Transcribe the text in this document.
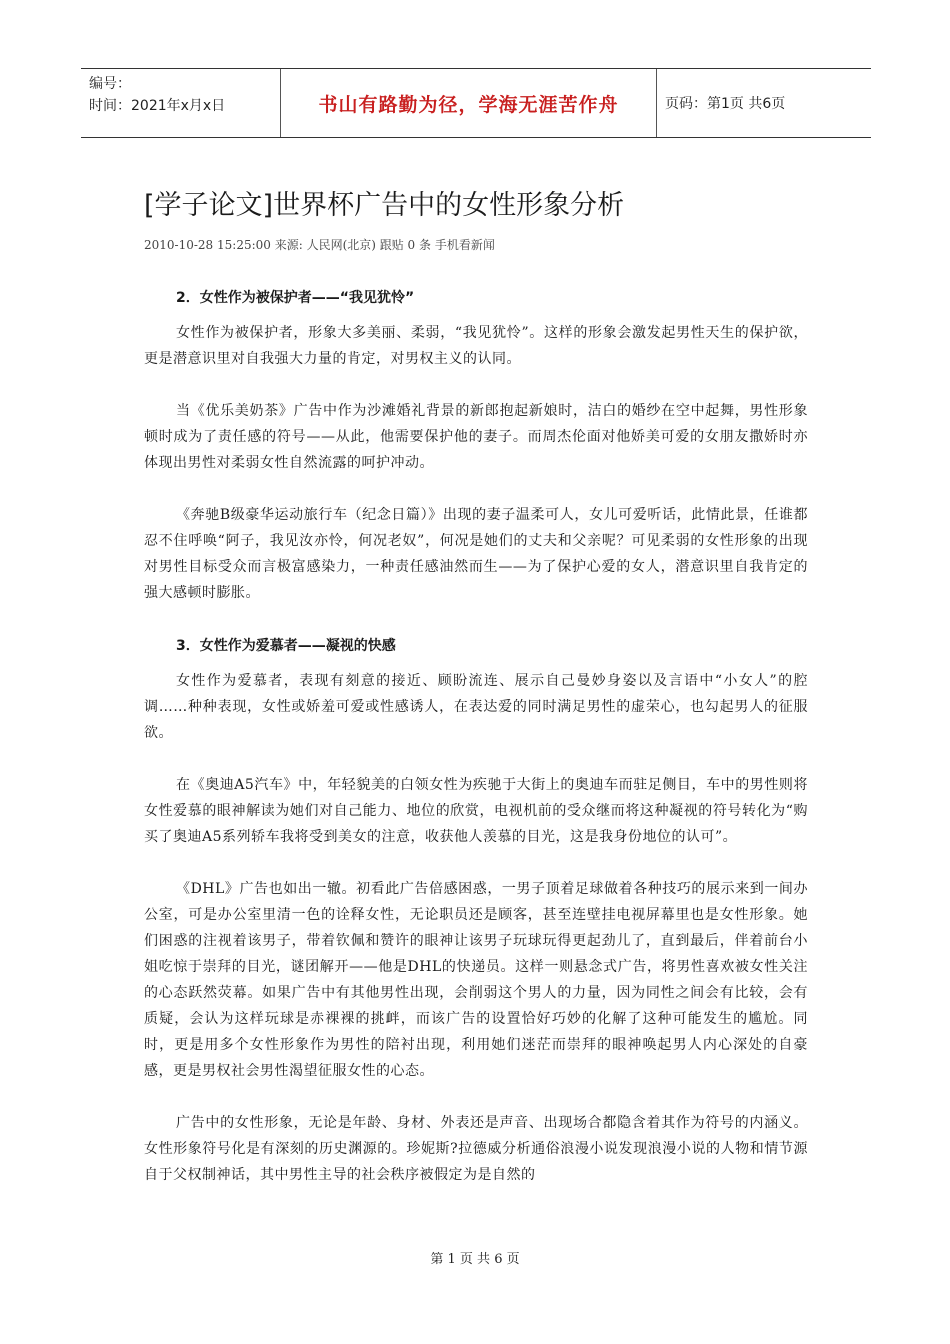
编号：
时间：2021年x月x日	书山有路勤为径，学海无涯苦作舟	页码：第1页 共6页
[学子论文]世界杯广告中的女性形象分析
2010-10-28 15:25:00 来源: 人民网(北京) 跟贴 0 条 手机看新闻
2．女性作为被保护者——“我见犹怜”

女性作为被保护者，形象大多美丽、柔弱，“我见犹怜”。这样的形象会激发起男性天生的保护欲，更是潜意识里对自我强大力量的肯定，对男权主义的认同。

当《优乐美奶茶》广告中作为沙滩婚礼背景的新郎抱起新娘时，洁白的婚纱在空中起舞，男性形象顿时成为了责任感的符号——从此，他需要保护他的妻子。而周杰伦面对他娇美可爱的女朋友撒娇时亦体现出男性对柔弱女性自然流露的呵护冲动。

《奔驰B级豪华运动旅行车（纪念日篇）》出现的妻子温柔可人，女儿可爱听话，此情此景，任谁都忍不住呼唤“阿子，我见汝亦怜，何况老奴”，何况是她们的丈夫和父亲呢？可见柔弱的女性形象的出现对男性目标受众而言极富感染力，一种责任感油然而生——为了保护心爱的女人，潜意识里自我肯定的强大感顿时膨胀。

3．女性作为爱慕者——凝视的快感

女性作为爱慕者，表现有刻意的接近、顾盼流连、展示自己曼妙身姿以及言语中“小女人”的腔调……种种表现，女性或娇羞可爱或性感诱人，在表达爱的同时满足男性的虚荣心，也勾起男人的征服欲。

在《奥迪A5汽车》中，年轻貌美的白领女性为疾驰于大街上的奥迪车而驻足侧目，车中的男性则将女性爱慕的眼神解读为她们对自己能力、地位的欣赏，电视机前的受众继而将这种凝视的符号转化为“购买了奥迪A5系列轿车我将受到美女的注意，收获他人羡慕的目光，这是我身份地位的认可”。

《DHL》广告也如出一辙。初看此广告倍感困惑，一男子顶着足球做着各种技巧的展示来到一间办公室，可是办公室里清一色的诠释女性，无论职员还是顾客，甚至连壁挂电视屏幕里也是女性形象。她们困惑的注视着该男子，带着钦佩和赞许的眼神让该男子玩球玩得更起劲儿了，直到最后，伴着前台小姐吃惊于崇拜的目光，谜团解开——他是DHL的快递员。这样一则悬念式广告，将男性喜欢被女性关注的心态跃然荧幕。如果广告中有其他男性出现，会削弱这个男人的力量，因为同性之间会有比较，会有质疑，会认为这样玩球是赤裸裸的挑衅，而该广告的设置恰好巧妙的化解了这种可能发生的尴尬。同时，更是用多个女性形象作为男性的陪衬出现，利用她们迷茫而崇拜的眼神唤起男人内心深处的自豪感，更是男权社会男性渴望征服女性的心态。

广告中的女性形象，无论是年龄、身材、外表还是声音、出现场合都隐含着其作为符号的内涵义。女性形象符号化是有深刻的历史渊源的。珍妮斯?拉德威分析通俗浪漫小说发现浪漫小说的人物和情节源自于父权制神话，其中男性主导的社会秩序被假定为是自然的

第 1 页 共 6 页
